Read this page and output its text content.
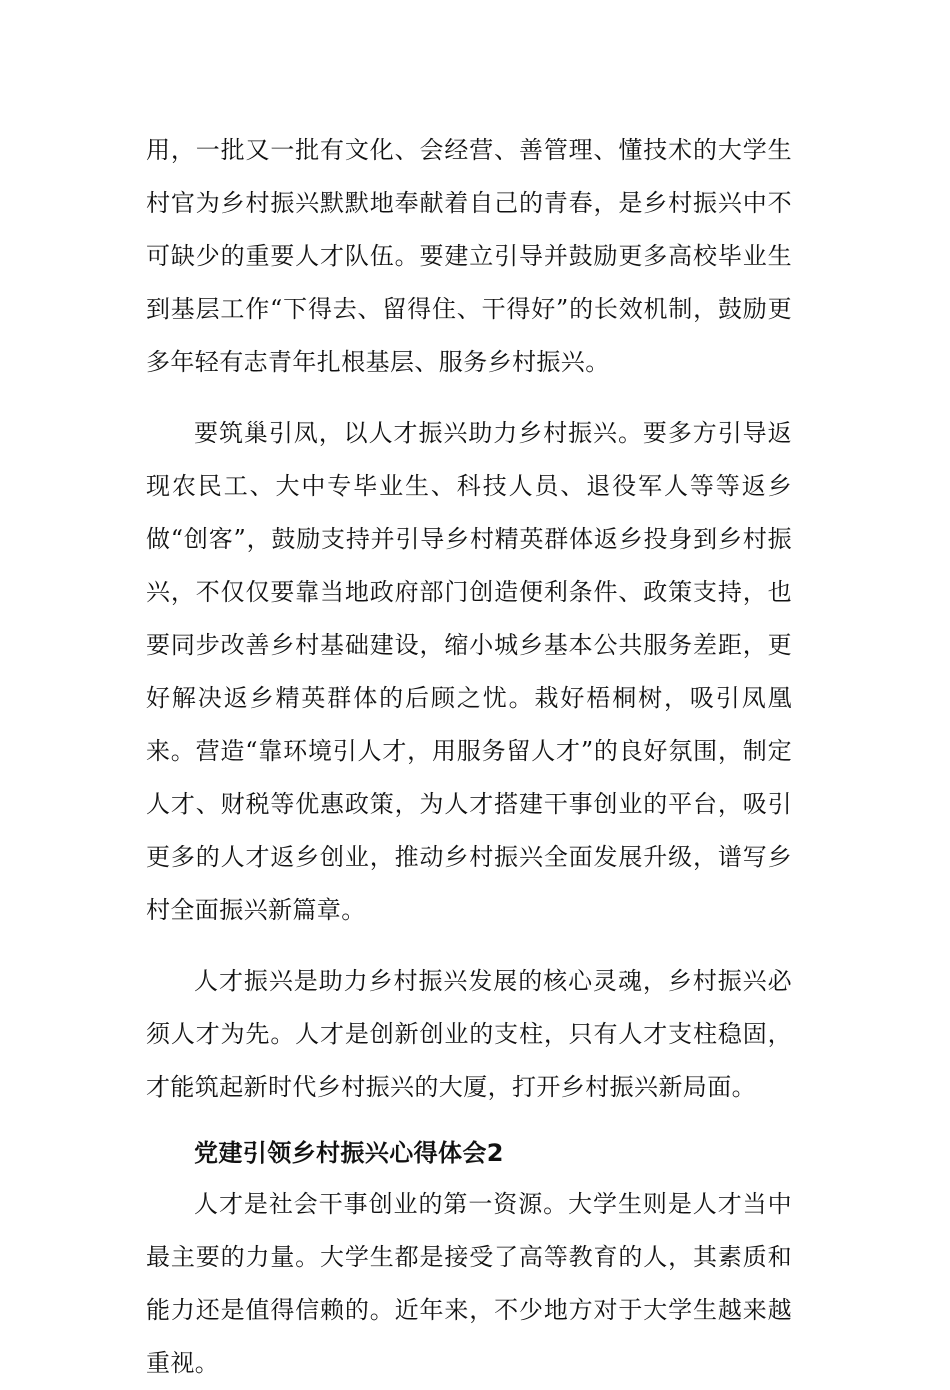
用，一批又一批有文化、会经营、善管理、懂技术的大学生村官为乡村振兴默默地奉献着自己的青春，是乡村振兴中不可缺少的重要人才队伍。要建立引导并鼓励更多高校毕业生到基层工作“下得去、留得住、干得好”的长效机制，鼓励更多年轻有志青年扎根基层、服务乡村振兴。

要筑巢引凤，以人才振兴助力乡村振兴。要多方引导返现农民工、大中专毕业生、科技人员、退役军人等等返乡做“创客”，鼓励支持并引导乡村精英群体返乡投身到乡村振兴，不仅仅要靠当地政府部门创造便利条件、政策支持，也要同步改善乡村基础建设，缩小城乡基本公共服务差距，更好解决返乡精英群体的后顾之忧。栽好梧桐树，吸引凤凰来。营造“靠环境引人才，用服务留人才”的良好氛围，制定人才、财税等优惠政策，为人才搭建干事创业的平台，吸引更多的人才返乡创业，推动乡村振兴全面发展升级，谱写乡村全面振兴新篇章。

人才振兴是助力乡村振兴发展的核心灵魂，乡村振兴必须人才为先。人才是创新创业的支柱，只有人才支柱稳固，才能筑起新时代乡村振兴的大厦，打开乡村振兴新局面。

党建引领乡村振兴心得体会2

人才是社会干事创业的第一资源。大学生则是人才当中最主要的力量。大学生都是接受了高等教育的人，其素质和能力还是值得信赖的。近年来，不少地方对于大学生越来越重视。
